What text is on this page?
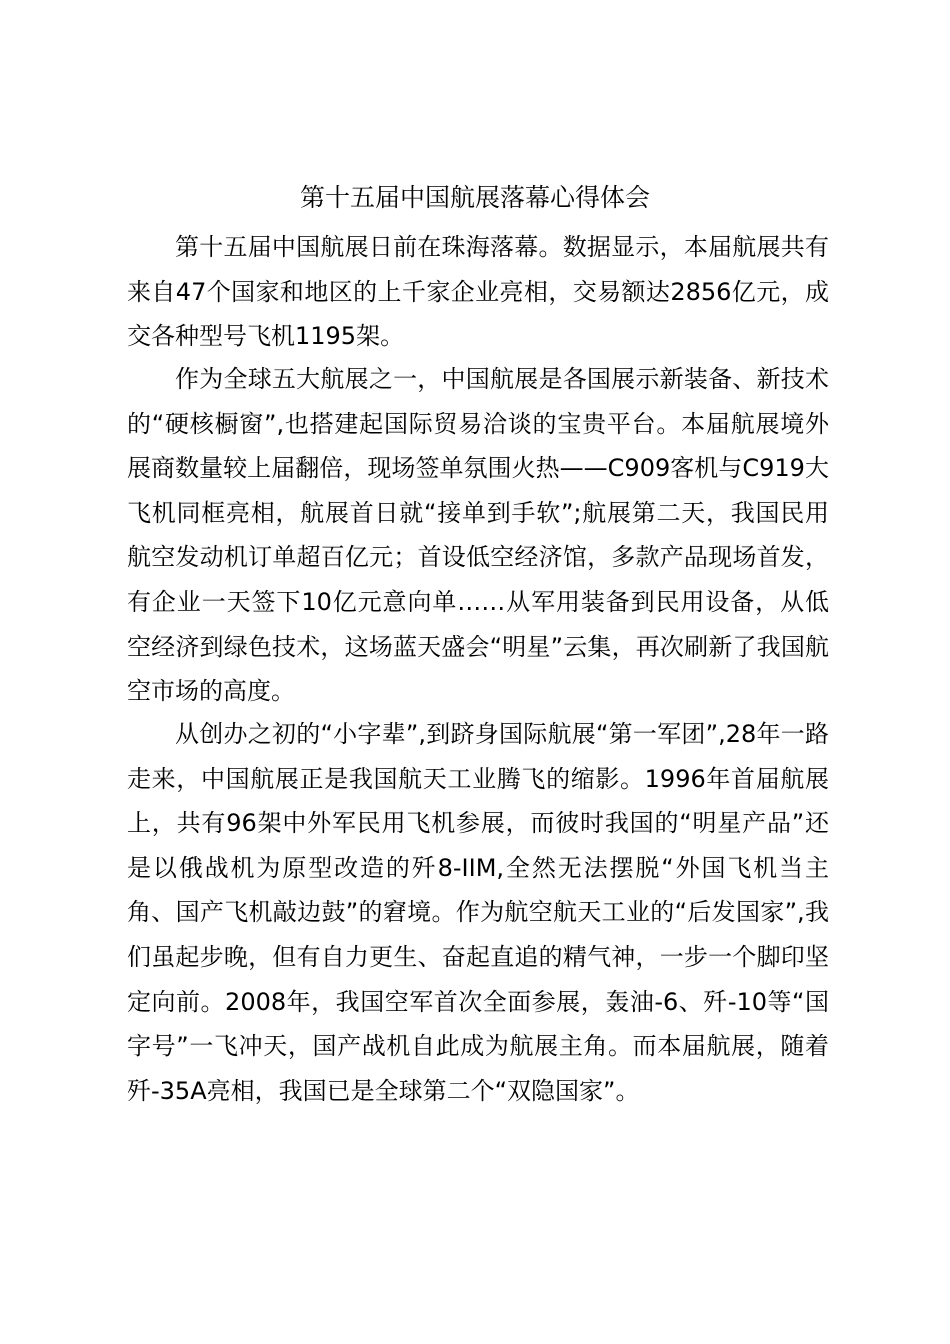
第十五届中国航展落幕心得体会

第十五届中国航展日前在珠海落幕。数据显示，本届航展共有来自47个国家和地区的上千家企业亮相，交易额达2856亿元，成交各种型号飞机1195架。

作为全球五大航展之一，中国航展是各国展示新装备、新技术的“硬核橱窗”,也搭建起国际贸易洽谈的宝贵平台。本届航展境外展商数量较上届翻倍，现场签单氛围火热——C909客机与C919大飞机同框亮相，航展首日就“接单到手软”;航展第二天，我国民用航空发动机订单超百亿元；首设低空经济馆，多款产品现场首发，有企业一天签下10亿元意向单……从军用装备到民用设备，从低空经济到绿色技术，这场蓝天盛会“明星”云集，再次刷新了我国航空市场的高度。

从创办之初的“小字辈”,到跻身国际航展“第一军团”,28年一路走来，中国航展正是我国航天工业腾飞的缩影。1996年首届航展上，共有96架中外军民用飞机参展，而彼时我国的“明星产品”还是以俄战机为原型改造的歼8-IIM,全然无法摆脱“外国飞机当主角、国产飞机敲边鼓”的窘境。作为航空航天工业的“后发国家”,我们虽起步晚，但有自力更生、奋起直追的精气神，一步一个脚印坚定向前。2008年，我国空军首次全面参展，轰油-6、歼-10等“国字号”一飞冲天，国产战机自此成为航展主角。而本届航展，随着歼-35A亮相，我国已是全球第二个“双隐国家”。
